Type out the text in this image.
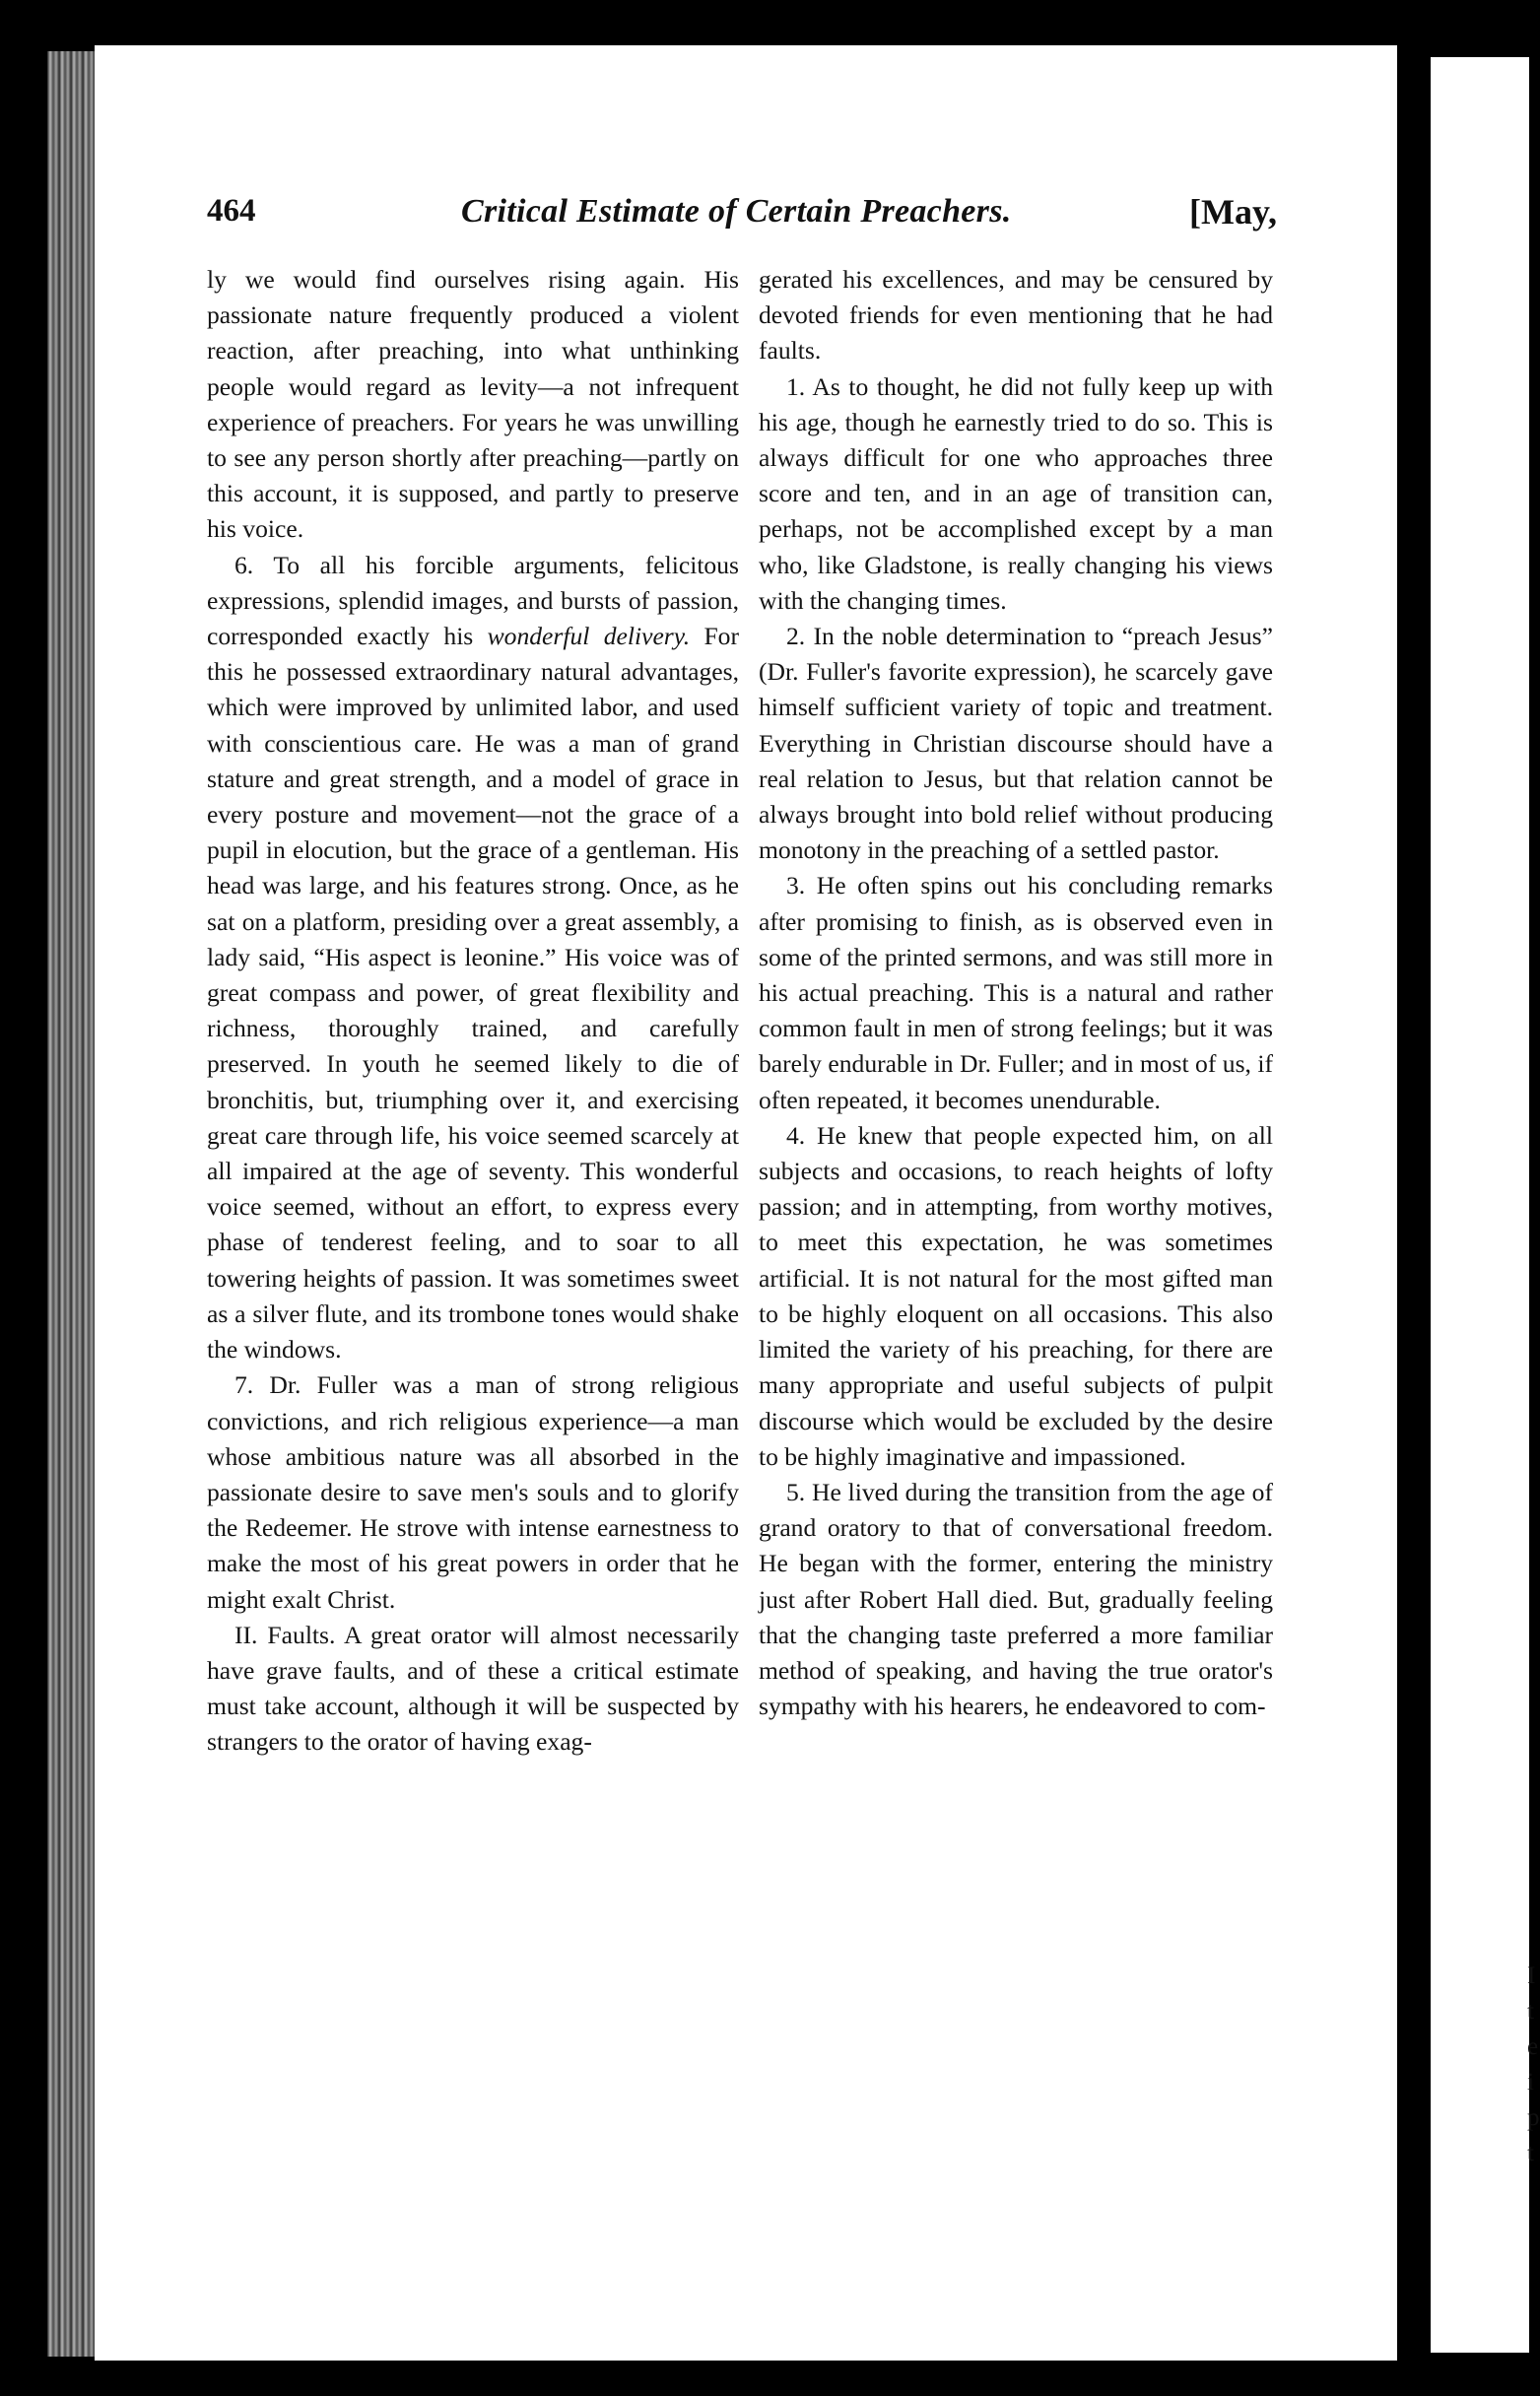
464	Critical Estimate of Certain Preachers.	[May,

ly we would find ourselves rising again. His passionate nature frequently produced a violent reaction, after preaching, into what unthinking people would regard as levity—a not infrequent experience of preachers. For years he was unwilling to see any person shortly after preaching—partly on this account, it is supposed, and partly to preserve his voice.

6. To all his forcible arguments, felicitous expressions, splendid images, and bursts of passion, corresponded exactly his wonderful delivery. For this he possessed extraordinary natural advantages, which were improved by unlimited labor, and used with conscientious care. He was a man of grand stature and great strength, and a model of grace in every posture and movement—not the grace of a pupil in elocution, but the grace of a gentleman. His head was large, and his features strong. Once, as he sat on a platform, presiding over a great assembly, a lady said, “His aspect is leonine.” His voice was of great compass and power, of great flexibility and richness, thoroughly trained, and carefully preserved. In youth he seemed likely to die of bronchitis, but, triumphing over it, and exercising great care through life, his voice seemed scarcely at all impaired at the age of seventy. This wonderful voice seemed, without an effort, to express every phase of tenderest feeling, and to soar to all towering heights of passion. It was sometimes sweet as a silver flute, and its trombone tones would shake the windows.

7. Dr. Fuller was a man of strong religious convictions, and rich religious experience—a man whose ambitious nature was all absorbed in the passionate desire to save men's souls and to glorify the Redeemer. He strove with intense earnestness to make the most of his great powers in order that he might exalt Christ.

II. Faults. A great orator will almost necessarily have grave faults, and of these a critical estimate must take account, although it will be suspected by strangers to the orator of having exag-

gerated his excellences, and may be censured by devoted friends for even mentioning that he had faults.

1. As to thought, he did not fully keep up with his age, though he earnestly tried to do so. This is always difficult for one who approaches three score and ten, and in an age of transition can, perhaps, not be accomplished except by a man who, like Gladstone, is really changing his views with the changing times.

2. In the noble determination to “preach Jesus” (Dr. Fuller's favorite expression), he scarcely gave himself sufficient variety of topic and treatment. Everything in Christian discourse should have a real relation to Jesus, but that relation cannot be always brought into bold relief without producing monotony in the preaching of a settled pastor.

3. He often spins out his concluding remarks after promising to finish, as is observed even in some of the printed sermons, and was still more in his actual preaching. This is a natural and rather common fault in men of strong feelings; but it was barely endurable in Dr. Fuller; and in most of us, if often repeated, it becomes unendurable.

4. He knew that people expected him, on all subjects and occasions, to reach heights of lofty passion; and in attempting, from worthy motives, to meet this expectation, he was sometimes artificial. It is not natural for the most gifted man to be highly eloquent on all occasions. This also limited the variety of his preaching, for there are many appropriate and useful subjects of pulpit discourse which would be excluded by the desire to be highly imaginative and impassioned.

5. He lived during the transition from the age of grand oratory to that of conversational freedom. He began with the former, entering the ministry just after Robert Hall died. But, gradually feeling that the changing taste preferred a more familiar method of speaking, and having the true orator's sympathy with his hearers, he endeavored to com-

I
t
e
i
p
t
